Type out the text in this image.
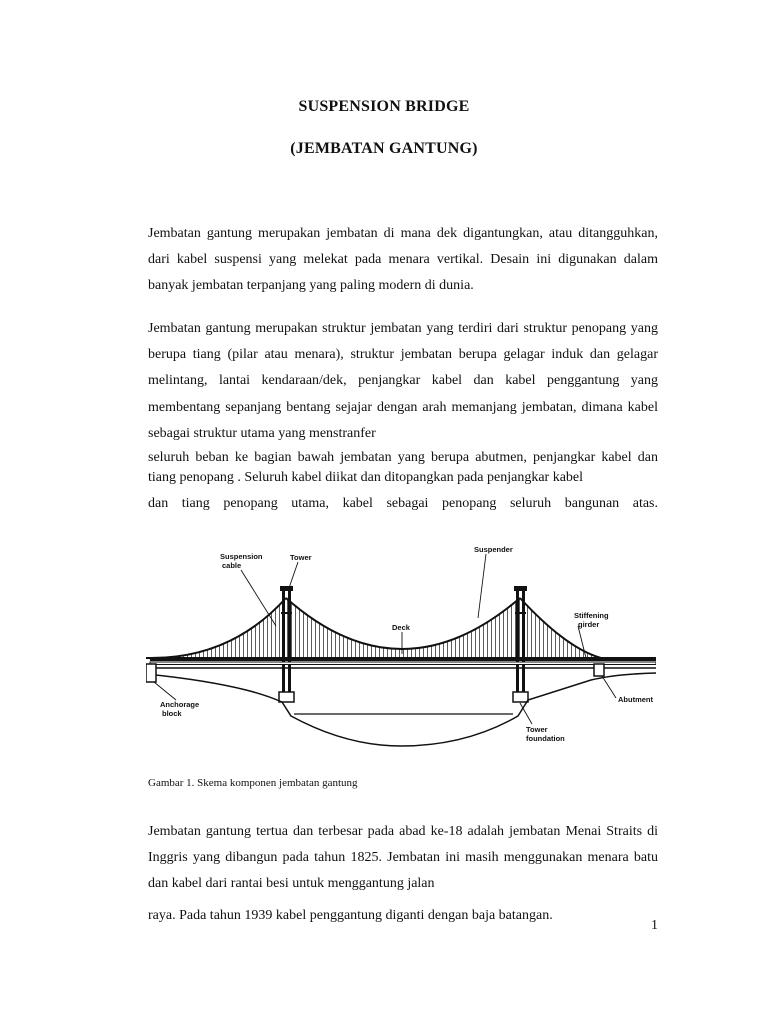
SUSPENSION BRIDGE
(JEMBATAN GANTUNG)
Jembatan gantung merupakan jembatan di mana dek digantungkan, atau ditangguhkan, dari kabel suspensi yang melekat pada menara vertikal. Desain ini digunakan dalam banyak jembatan terpanjang yang paling modern di dunia.
Jembatan gantung merupakan struktur jembatan yang terdiri dari struktur penopang yang berupa tiang (pilar atau menara), struktur jembatan berupa gelagar induk dan gelagar melintang, lantai kendaraan/dek, penjangkar kabel dan kabel penggantung yang membentang sepanjang bentang sejajar dengan arah memanjang jembatan, dimana kabel sebagai struktur utama yang menstranfer
seluruh beban ke bagian bawah jembatan yang berupa abutmen, penjangkar kabel dan tiang penopang . Seluruh kabel diikat dan ditopangkan pada penjangkar kabel
dan tiang penopang utama, kabel sebagai penopang seluruh bangunan atas.
Suspension
cable
Tower
Suspender
Deck
Stiffening
girder
Anchorage
block
Abutment
Tower
foundation
Gambar 1. Skema komponen jembatan gantung
Jembatan gantung tertua dan terbesar pada abad ke-18 adalah jembatan Menai Straits di Inggris yang dibangun pada tahun 1825. Jembatan ini masih menggunakan menara batu dan kabel dari rantai besi untuk menggantung jalan
raya. Pada tahun 1939 kabel penggantung diganti dengan baja batangan.
1
